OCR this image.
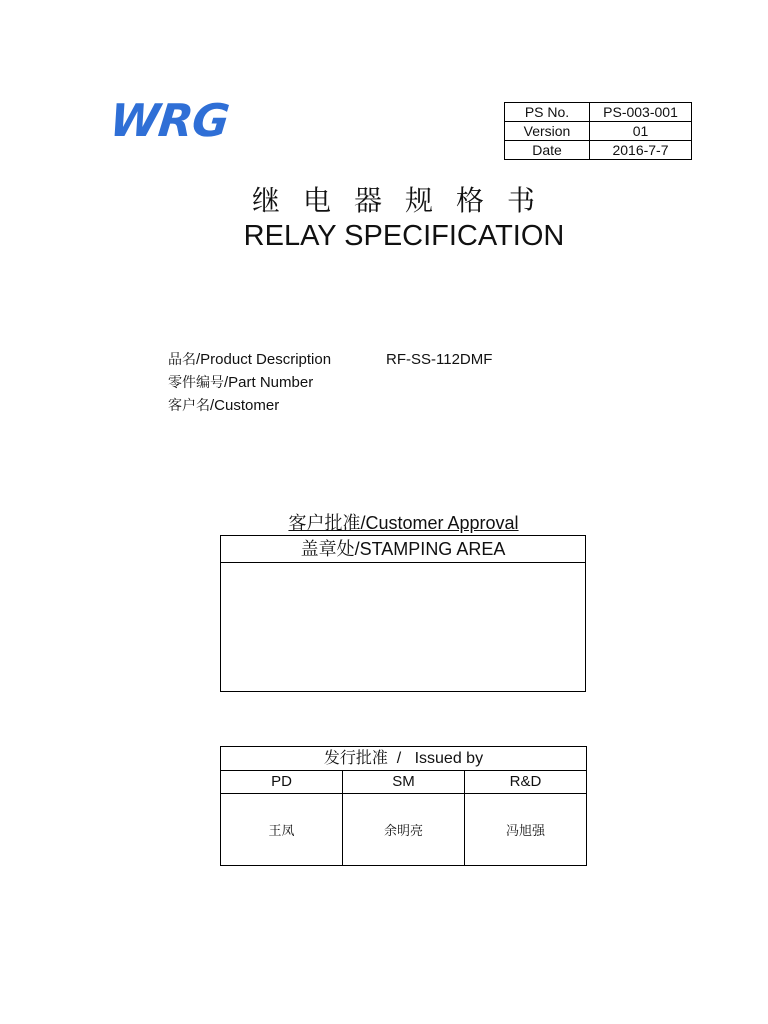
WRG	PS No.	PS-003-001
Version	01
Date	2016-7-7
继电器规格书
RELAY SPECIFICATION
品名/Product Description	RF-SS-112DMF
零件编号/Part Number
客户名/Customer
客户批准/Customer Approval
盖章处/STAMPING AREA
发行批准  /   Issued by		
PD	SM	R&D
王凤	余明亮	冯旭强
